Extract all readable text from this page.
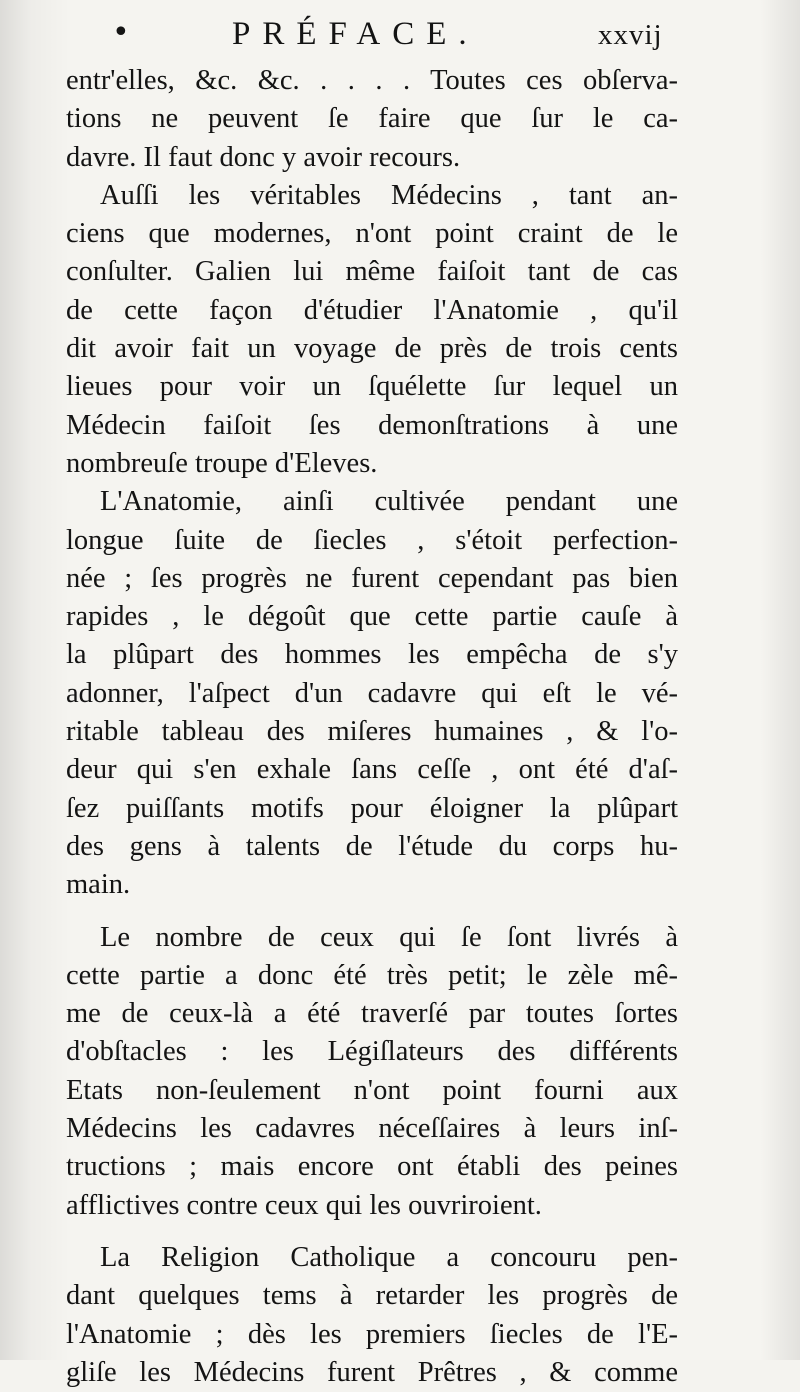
•	PRÉFACE.	xxvij
entr'elles, &c. &c. . . . . Toutes ces obſerva-
tions ne peuvent ſe faire que ſur le ca-
davre. Il faut donc y avoir recours.
Auſſi les véritables Médecins , tant an-
ciens que modernes, n'ont point craint de le
conſulter. Galien lui même faiſoit tant de cas
de cette façon d'étudier l'Anatomie , qu'il
dit avoir fait un voyage de près de trois cents
lieues pour voir un ſquélette ſur lequel un
Médecin faiſoit ſes demonſtrations à une
nombreuſe troupe d'Eleves.
L'Anatomie, ainſi cultivée pendant une
longue ſuite de ſiecles , s'étoit perfection-
née ; ſes progrès ne furent cependant pas bien
rapides , le dégoût que cette partie cauſe à
la plûpart des hommes les empêcha de s'y
adonner, l'aſpect d'un cadavre qui eſt le vé-
ritable tableau des miſeres humaines , & l'o-
deur qui s'en exhale ſans ceſſe , ont été d'aſ-
ſez puiſſants motifs pour éloigner la plûpart
des gens à talents de l'étude du corps hu-
main.
Le nombre de ceux qui ſe ſont livrés à
cette partie a donc été très petit; le zèle mê-
me de ceux-là a été traverſé par toutes ſortes
d'obſtacles : les Légiſlateurs des différents
Etats non-ſeulement n'ont point fourni aux
Médecins les cadavres néceſſaires à leurs inſ-
tructions ; mais encore ont établi des peines
afflictives contre ceux qui les ouvriroient.
La Religion Catholique a concouru pen-
dant quelques tems à retarder les progrès de
l'Anatomie ; dès les premiers ſiecles de l'E-
gliſe les Médecins furent Prêtres , & comme
